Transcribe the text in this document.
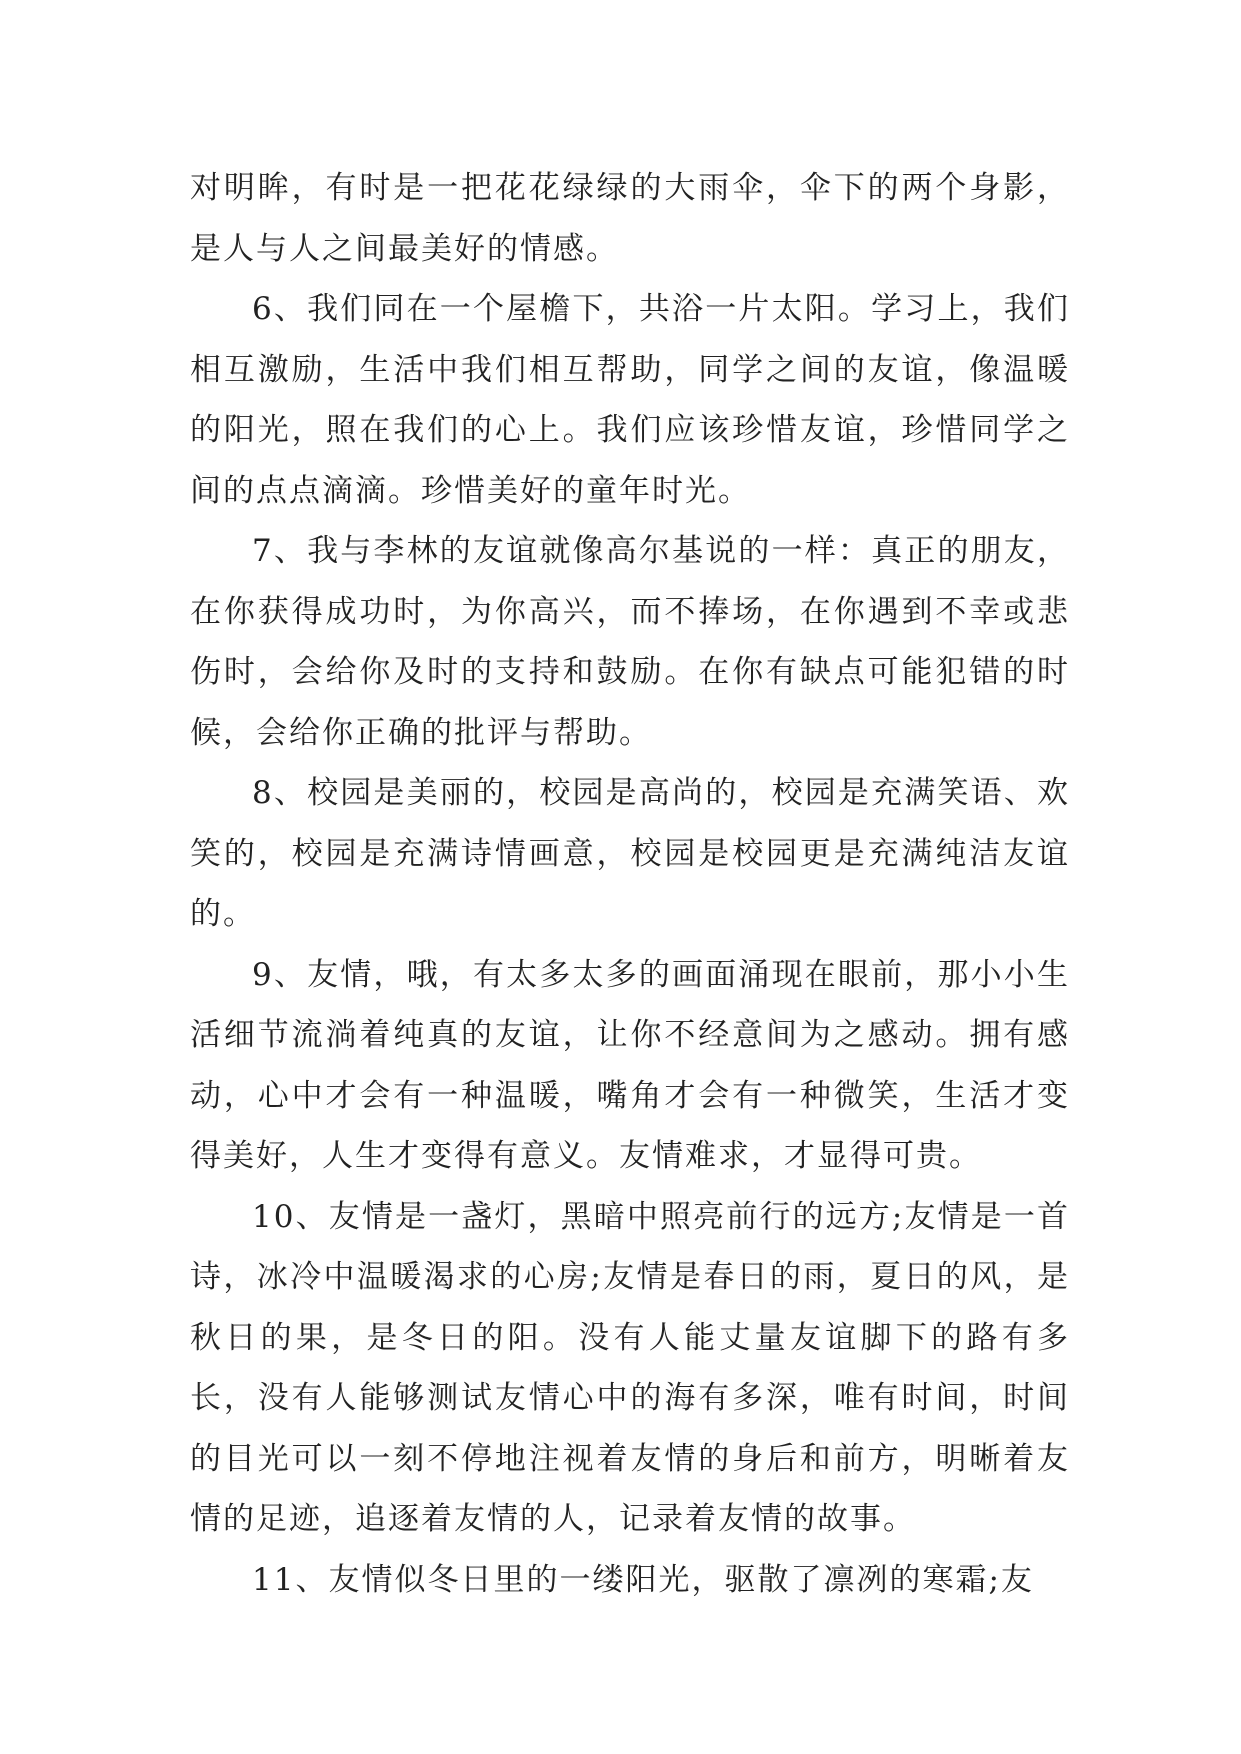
对明眸，有时是一把花花绿绿的大雨伞，伞下的两个身影，是人与人之间最美好的情感。

6、我们同在一个屋檐下，共浴一片太阳。学习上，我们相互激励，生活中我们相互帮助，同学之间的友谊，像温暖的阳光，照在我们的心上。我们应该珍惜友谊，珍惜同学之间的点点滴滴。珍惜美好的童年时光。

7、我与李林的友谊就像高尔基说的一样：真正的朋友，在你获得成功时，为你高兴，而不捧场，在你遇到不幸或悲伤时，会给你及时的支持和鼓励。在你有缺点可能犯错的时候，会给你正确的批评与帮助。

8、校园是美丽的，校园是高尚的，校园是充满笑语、欢笑的，校园是充满诗情画意，校园是校园更是充满纯洁友谊的。

9、友情，哦，有太多太多的画面涌现在眼前，那小小生活细节流淌着纯真的友谊，让你不经意间为之感动。拥有感动，心中才会有一种温暖，嘴角才会有一种微笑，生活才变得美好，人生才变得有意义。友情难求，才显得可贵。

10、友情是一盏灯，黑暗中照亮前行的远方;友情是一首诗，冰冷中温暖渴求的心房;友情是春日的雨，夏日的风，是秋日的果，是冬日的阳。没有人能丈量友谊脚下的路有多长，没有人能够测试友情心中的海有多深，唯有时间，时间的目光可以一刻不停地注视着友情的身后和前方，明晰着友情的足迹，追逐着友情的人，记录着友情的故事。

11、友情似冬日里的一缕阳光，驱散了凛冽的寒霜;友
